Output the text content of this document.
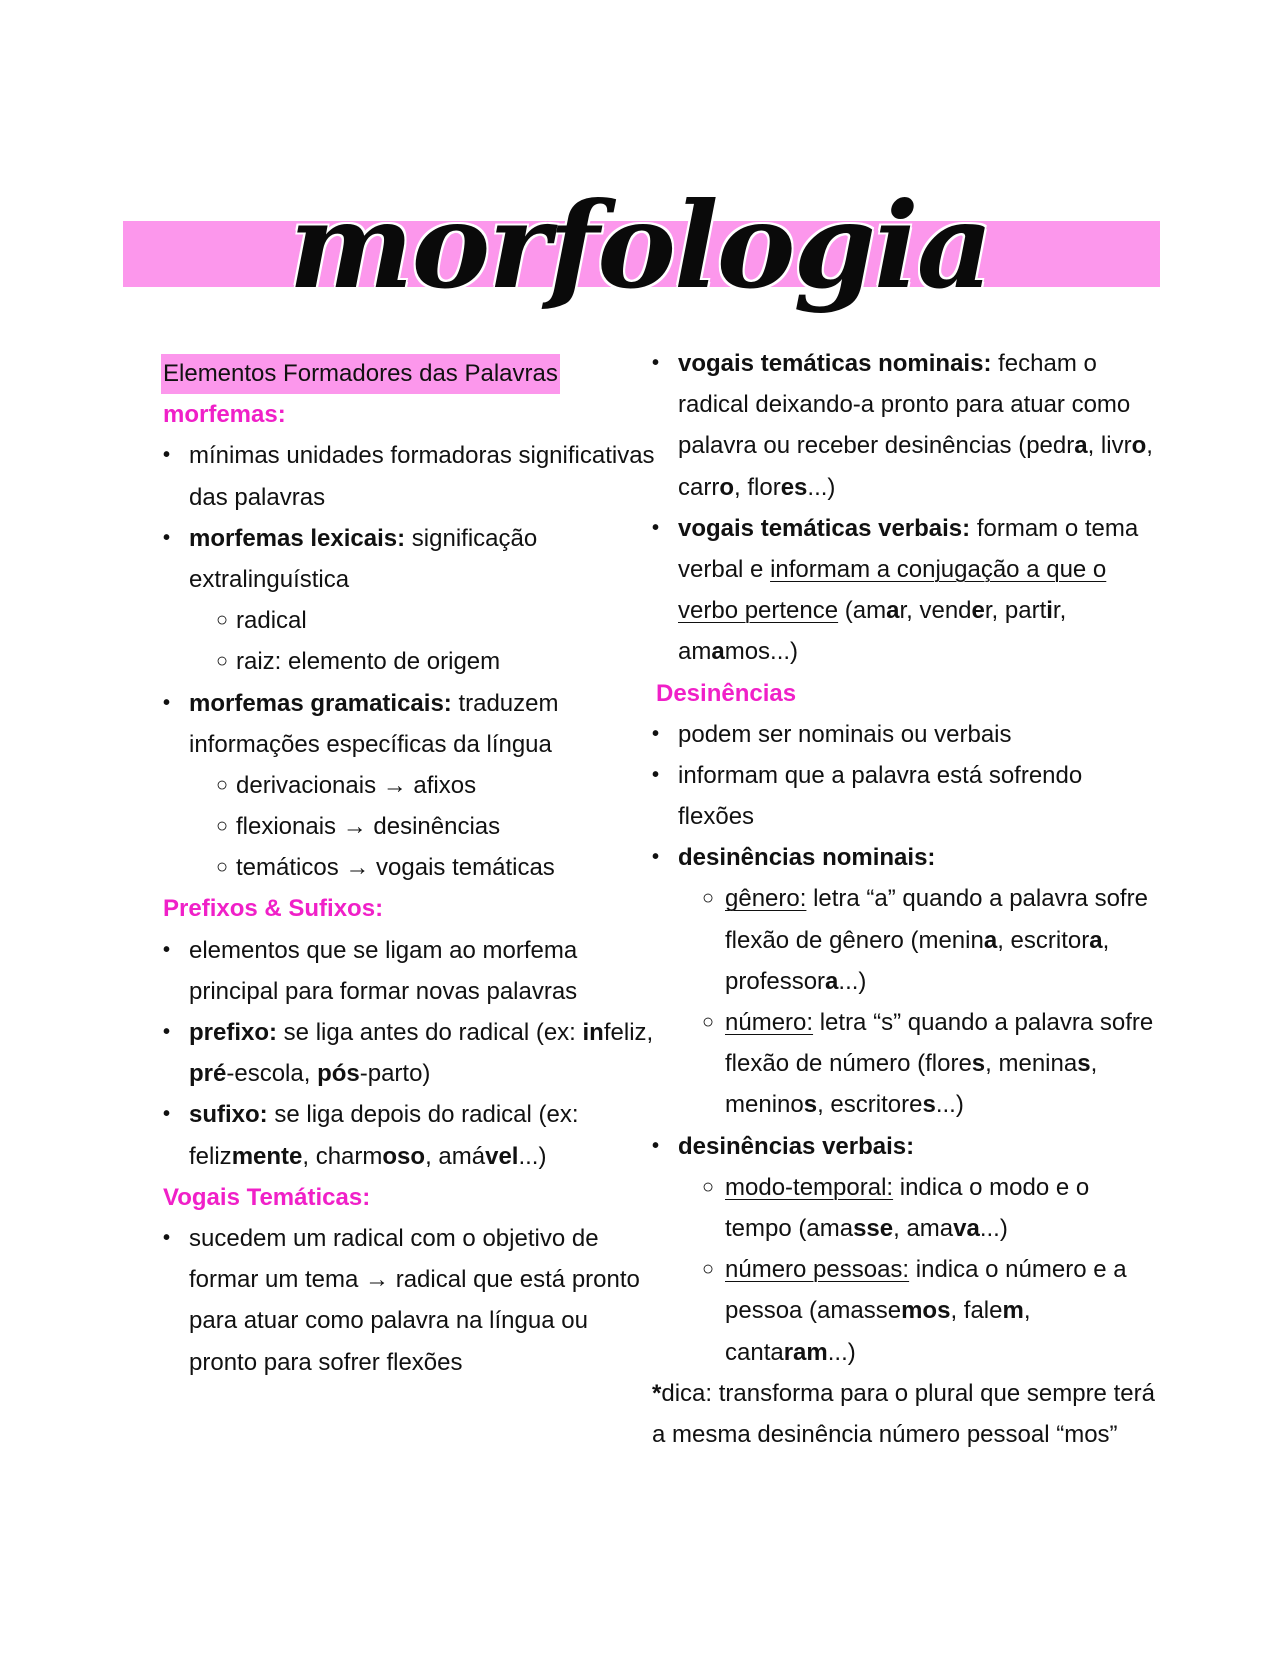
morfologia
Elementos Formadores das Palavras
morfemas:
• mínimas unidades formadoras significativas
das palavras
• morfemas lexicais: significação
extralinguística
○ radical
○ raiz: elemento de origem
• morfemas gramaticais: traduzem
informações específicas da língua
○ derivacionais → afixos
○ flexionais → desinências
○ temáticos → vogais temáticas
Prefixos & Sufixos:
• elementos que se ligam ao morfema
principal para formar novas palavras
• prefixo: se liga antes do radical (ex: infeliz,
pré-escola, pós-parto)
• sufixo: se liga depois do radical (ex:
felizmente, charmoso, amável...)
Vogais Temáticas:
• sucedem um radical com o objetivo de
formar um tema → radical que está pronto
para atuar como palavra na língua ou
pronto para sofrer flexões
• vogais temáticas nominais: fecham o
radical deixando-a pronto para atuar como
palavra ou receber desinências (pedra, livro,
carro, flores...)
• vogais temáticas verbais: formam o tema
verbal e informam a conjugação a que o
verbo pertence (amar, vender, partir,
amamos...)
Desinências
• podem ser nominais ou verbais
• informam que a palavra está sofrendo
flexões
• desinências nominais:
○ gênero: letra “a” quando a palavra sofre
flexão de gênero (menina, escritora,
professora...)
○ número: letra “s” quando a palavra sofre
flexão de número (flores, meninas,
meninos, escritores...)
• desinências verbais:
○ modo-temporal: indica o modo e o
tempo (amasse, amava...)
○ número pessoas: indica o número e a
pessoa (amassemos, falem,
cantaram...)
*dica: transforma para o plural que sempre terá
a mesma desinência número pessoal “mos”
